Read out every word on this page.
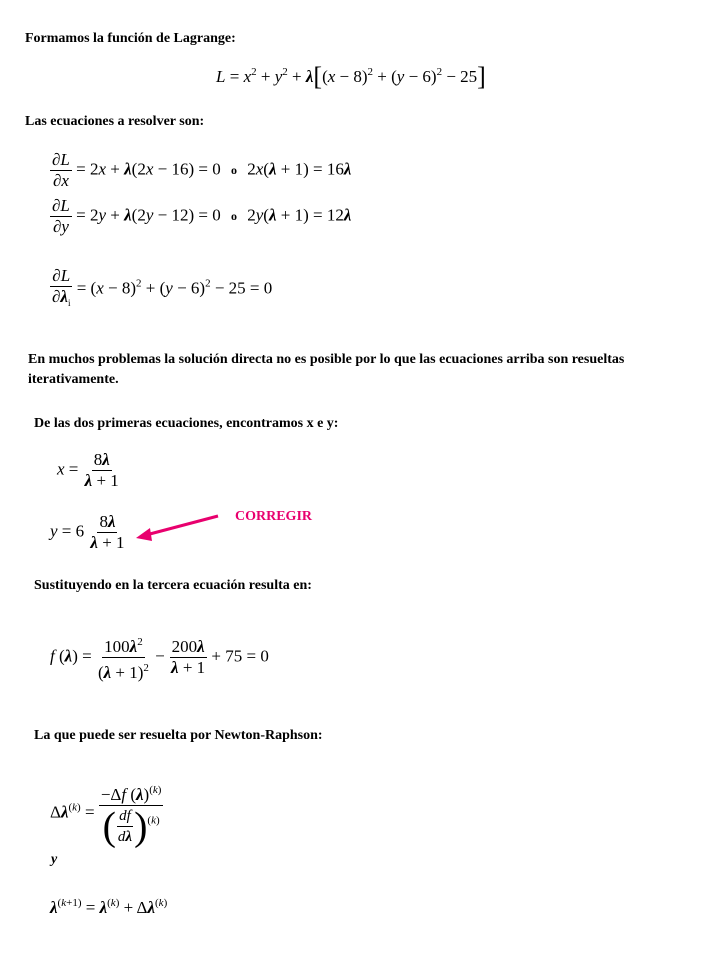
Formamos la función de Lagrange:
$L = x^2 + y^2 + \lambda[(x - 8)^2 + (y - 6)^2 - 25]$
Las ecuaciones a resolver son:
$\frac{\partial L}{\partial x} = 2x + \lambda(2x - 16) = 0$ o 2x(λ + 1) = 16λ
$\frac{\partial L}{\partial y} = 2y + \lambda(2y - 12) = 0$ o 2y(λ + 1) = 12λ
$\frac{\partial L}{\partial\lambda_i} = (x - 8)^2 + (y - 6)^2 - 25 = 0$
En muchos problemas la solución directa no es posible por lo que las ecuaciones arriba son resueltas iterativamente.
De las dos primeras ecuaciones, encontramos x e y:
$x = \frac{8\lambda}{\lambda + 1}$
$y = 6 \frac{8\lambda}{\lambda + 1}$	CORREGIR
Sustituyendo en la tercera ecuación resulta en:
f $(\lambda) = \frac{100\lambda^2}{(\lambda + 1)^2} - \frac{200\lambda}{\lambda + 1} + 75 = 0$
La que puede ser resuelta por Newton-Raphson:
$\Delta\lambda^{(k)} = \frac{-\Delta f (\lambda)^{(k)}}{( \frac{df}{d\lambda} )^{(k)}}$
y
$\lambda^{(k+1)} = \lambda^{(k)} + \Delta\lambda^{(k)}$
